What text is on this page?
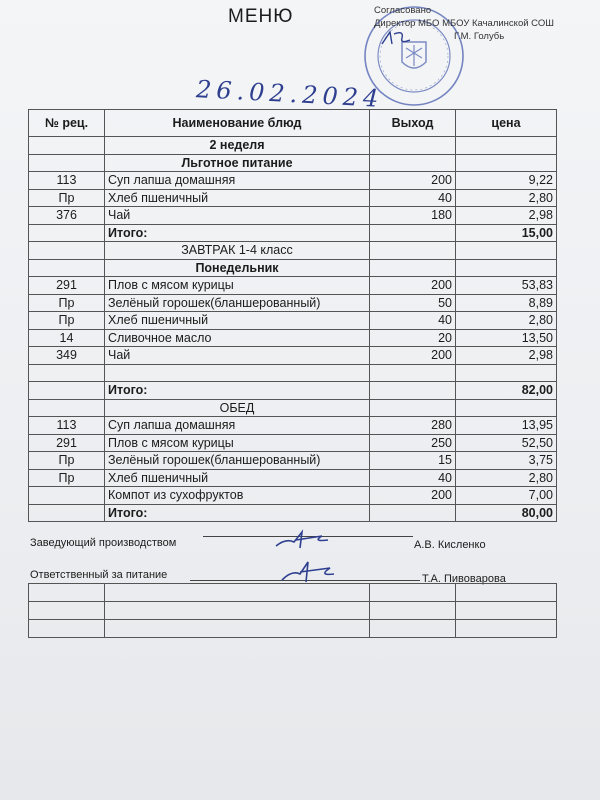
МЕНЮ	Согласовано
Директор МБО МБОУ Качалинской СОШ
Г.М. Голубь
26.02.2024
№ рец.	Наименование блюд	Выход	цена
	2 неделя		
	Льготное питание		
113	Суп лапша домашняя	200	9,22
Пр	Хлеб пшеничный	40	2,80
376	Чай	180	2,98
	Итого:		15,00
	ЗАВТРАК 1-4 класс		
	Понедельник		
291	Плов с мясом курицы	200	53,83
Пр	Зелёный горошек(бланшерованный)	50	8,89
Пр	Хлеб пшеничный	40	2,80
14	Сливочное масло	20	13,50
349	Чай	200	2,98

	Итого:		82,00
	ОБЕД		
113	Суп лапша домашняя	280	13,95
291	Плов с мясом курицы	250	52,50
Пр	Зелёный горошек(бланшерованный)	15	3,75
Пр	Хлеб пшеничный	40	2,80
	Компот из сухофруктов	200	7,00
	Итого:		80,00
Заведующий производством	А.В. Кисленко
Ответственный за питание	Т.А. Пивоварова
